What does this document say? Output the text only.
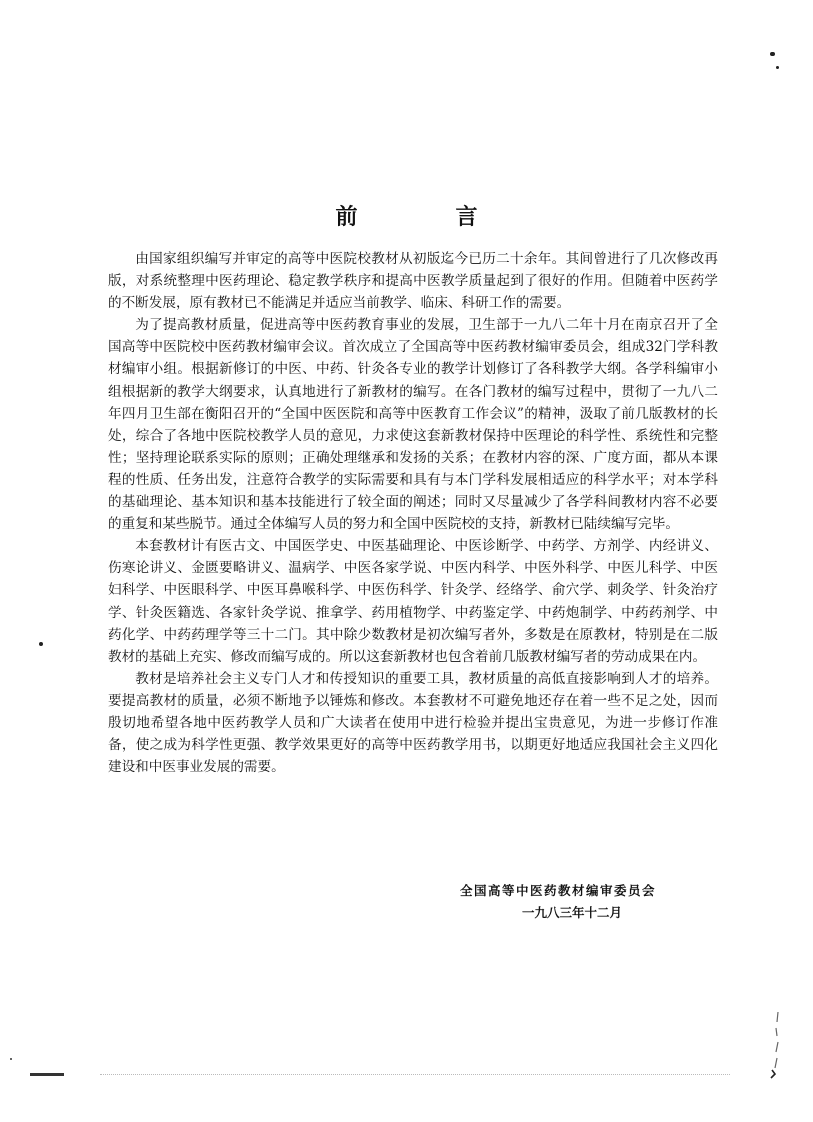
前　言

由国家组织编写并审定的高等中医院校教材从初版迄今已历二十余年。其间曾进行了几次修改再版，对系统整理中医药理论、稳定教学秩序和提高中医教学质量起到了很好的作用。但随着中医药学的不断发展，原有教材已不能满足并适应当前教学、临床、科研工作的需要。

为了提高教材质量，促进高等中医药教育事业的发展，卫生部于一九八二年十月在南京召开了全国高等中医院校中医药教材编审会议。首次成立了全国高等中医药教材编审委员会，组成32门学科教材编审小组。根据新修订的中医、中药、针灸各专业的教学计划修订了各科教学大纲。各学科编审小组根据新的教学大纲要求，认真地进行了新教材的编写。在各门教材的编写过程中，贯彻了一九八二年四月卫生部在衡阳召开的“全国中医医院和高等中医教育工作会议”的精神，汲取了前几版教材的长处，综合了各地中医院校教学人员的意见，力求使这套新教材保持中医理论的科学性、系统性和完整性；坚持理论联系实际的原则；正确处理继承和发扬的关系；在教材内容的深、广度方面，都从本课程的性质、任务出发，注意符合教学的实际需要和具有与本门学科发展相适应的科学水平；对本学科的基础理论、基本知识和基本技能进行了较全面的阐述；同时又尽量减少了各学科间教材内容不必要的重复和某些脱节。通过全体编写人员的努力和全国中医院校的支持，新教材已陆续编写完毕。

本套教材计有医古文、中国医学史、中医基础理论、中医诊断学、中药学、方剂学、内经讲义、伤寒论讲义、金匮要略讲义、温病学、中医各家学说、中医内科学、中医外科学、中医儿科学、中医妇科学、中医眼科学、中医耳鼻喉科学、中医伤科学、针灸学、经络学、俞穴学、刺灸学、针灸治疗学、针灸医籍选、各家针灸学说、推拿学、药用植物学、中药鉴定学、中药炮制学、中药药剂学、中药化学、中药药理学等三十二门。其中除少数教材是初次编写者外，多数是在原教材，特别是在二版教材的基础上充实、修改而编写成的。所以这套新教材也包含着前几版教材编写者的劳动成果在内。

教材是培养社会主义专门人才和传授知识的重要工具，教材质量的高低直接影响到人才的培养。要提高教材的质量，必须不断地予以锤炼和修改。本套教材不可避免地还存在着一些不足之处，因而殷切地希望各地中医药教学人员和广大读者在使用中进行检验并提出宝贵意见，为进一步修订作准备，使之成为科学性更强、教学效果更好的高等中医药教学用书，以期更好地适应我国社会主义四化建设和中医事业发展的需要。

全国高等中医药教材编审委员会
一九八三年十二月
